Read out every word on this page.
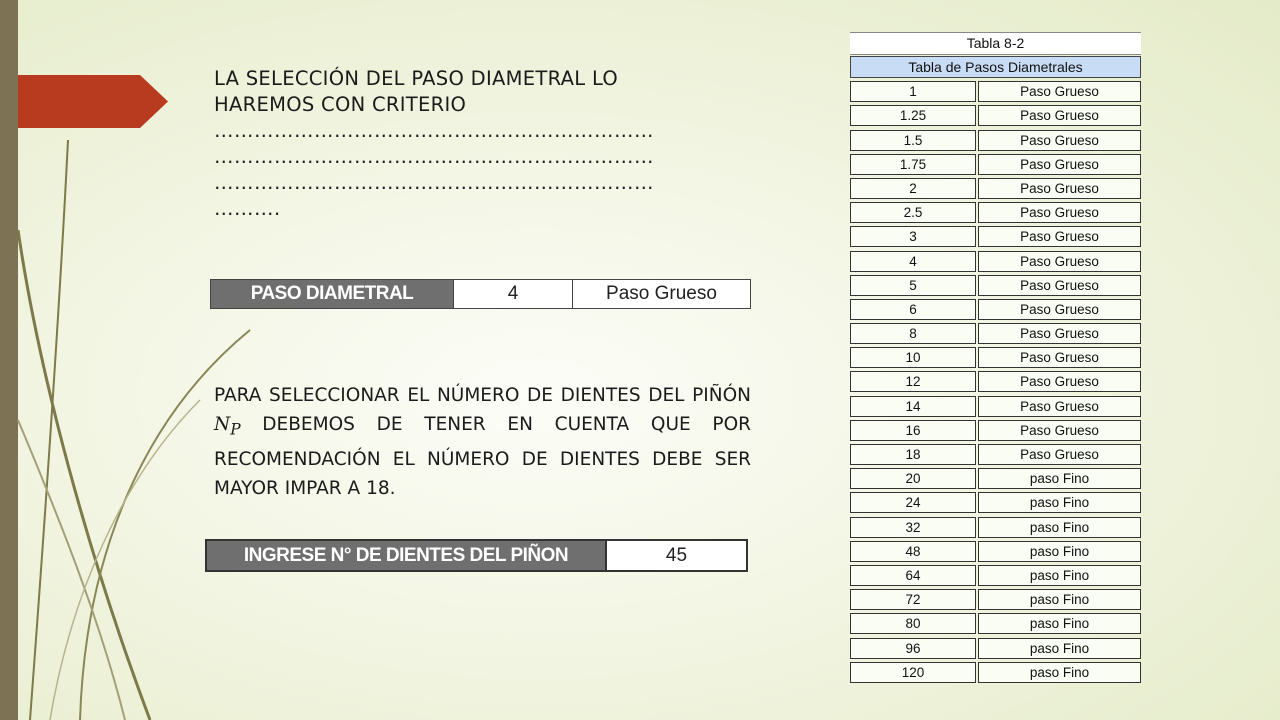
LA SELECCIÓN DEL PASO DIAMETRAL LO
HAREMOS CON CRITERIO
…………………………………………………………
…………………………………………………………
…………………………………………………………
……….
PASO DIAMETRAL	4	Paso Grueso

PARA SELECCIONAR EL NÚMERO DE DIENTES DEL PIÑÓN $N_P$ DEBEMOS DE TENER EN CUENTA QUE POR RECOMENDACIÓN EL NÚMERO DE DIENTES DEBE SER MAYOR IMPAR A 18.

INGRESE N° DE DIENTES DEL PIÑON	45
Tabla 8-2
Tabla de Pasos Diametrales
1	Paso Grueso
1.25	Paso Grueso
1.5	Paso Grueso
1.75	Paso Grueso
2	Paso Grueso
2.5	Paso Grueso
3	Paso Grueso
4	Paso Grueso
5	Paso Grueso
6	Paso Grueso
8	Paso Grueso
10	Paso Grueso
12	Paso Grueso
14	Paso Grueso
16	Paso Grueso
18	Paso Grueso
20	paso Fino
24	paso Fino
32	paso Fino
48	paso Fino
64	paso Fino
72	paso Fino
80	paso Fino
96	paso Fino
120	paso Fino
